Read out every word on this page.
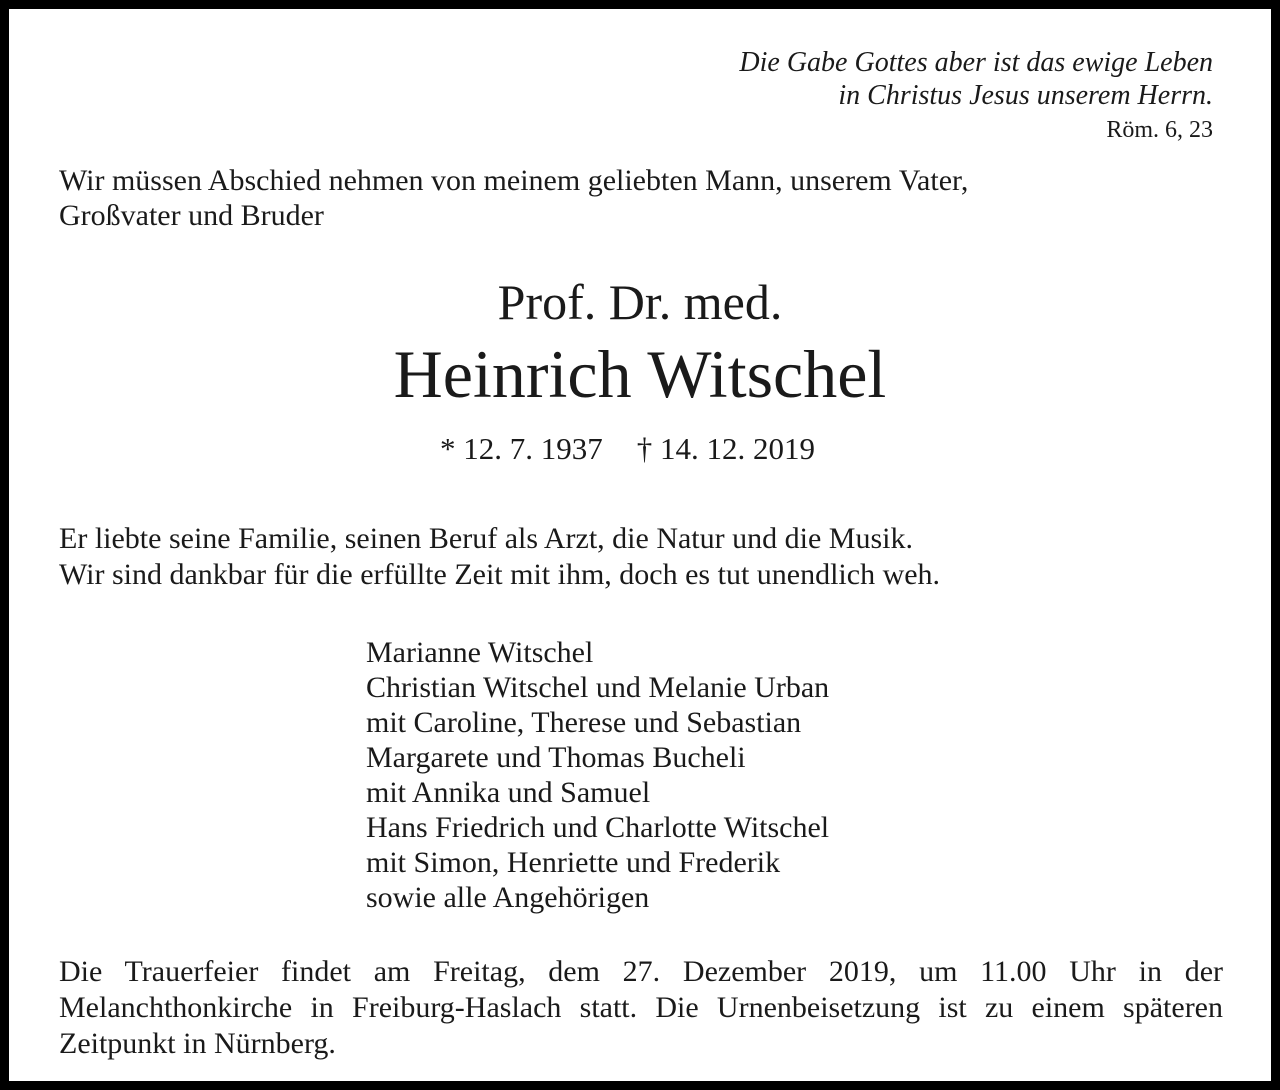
Die Gabe Gottes aber ist das ewige Leben
in Christus Jesus unserem Herrn.
Röm. 6, 23
Wir müssen Abschied nehmen von meinem geliebten Mann, unserem Vater,
Großvater und Bruder
Prof. Dr. med.
Heinrich Witschel
* 12. 7. 1937 † 14. 12. 2019
Er liebte seine Familie, seinen Beruf als Arzt, die Natur und die Musik.
Wir sind dankbar für die erfüllte Zeit mit ihm, doch es tut unendlich weh.
Marianne Witschel
Christian Witschel und Melanie Urban
mit Caroline, Therese und Sebastian
Margarete und Thomas Bucheli
mit Annika und Samuel
Hans Friedrich und Charlotte Witschel
mit Simon, Henriette und Frederik
sowie alle Angehörigen
Die Trauerfeier findet am Freitag, dem 27. Dezember 2019, um 11.00 Uhr in der Melanchthonkirche in Freiburg-Haslach statt. Die Urnenbeisetzung ist zu einem späteren Zeitpunkt in Nürnberg.
